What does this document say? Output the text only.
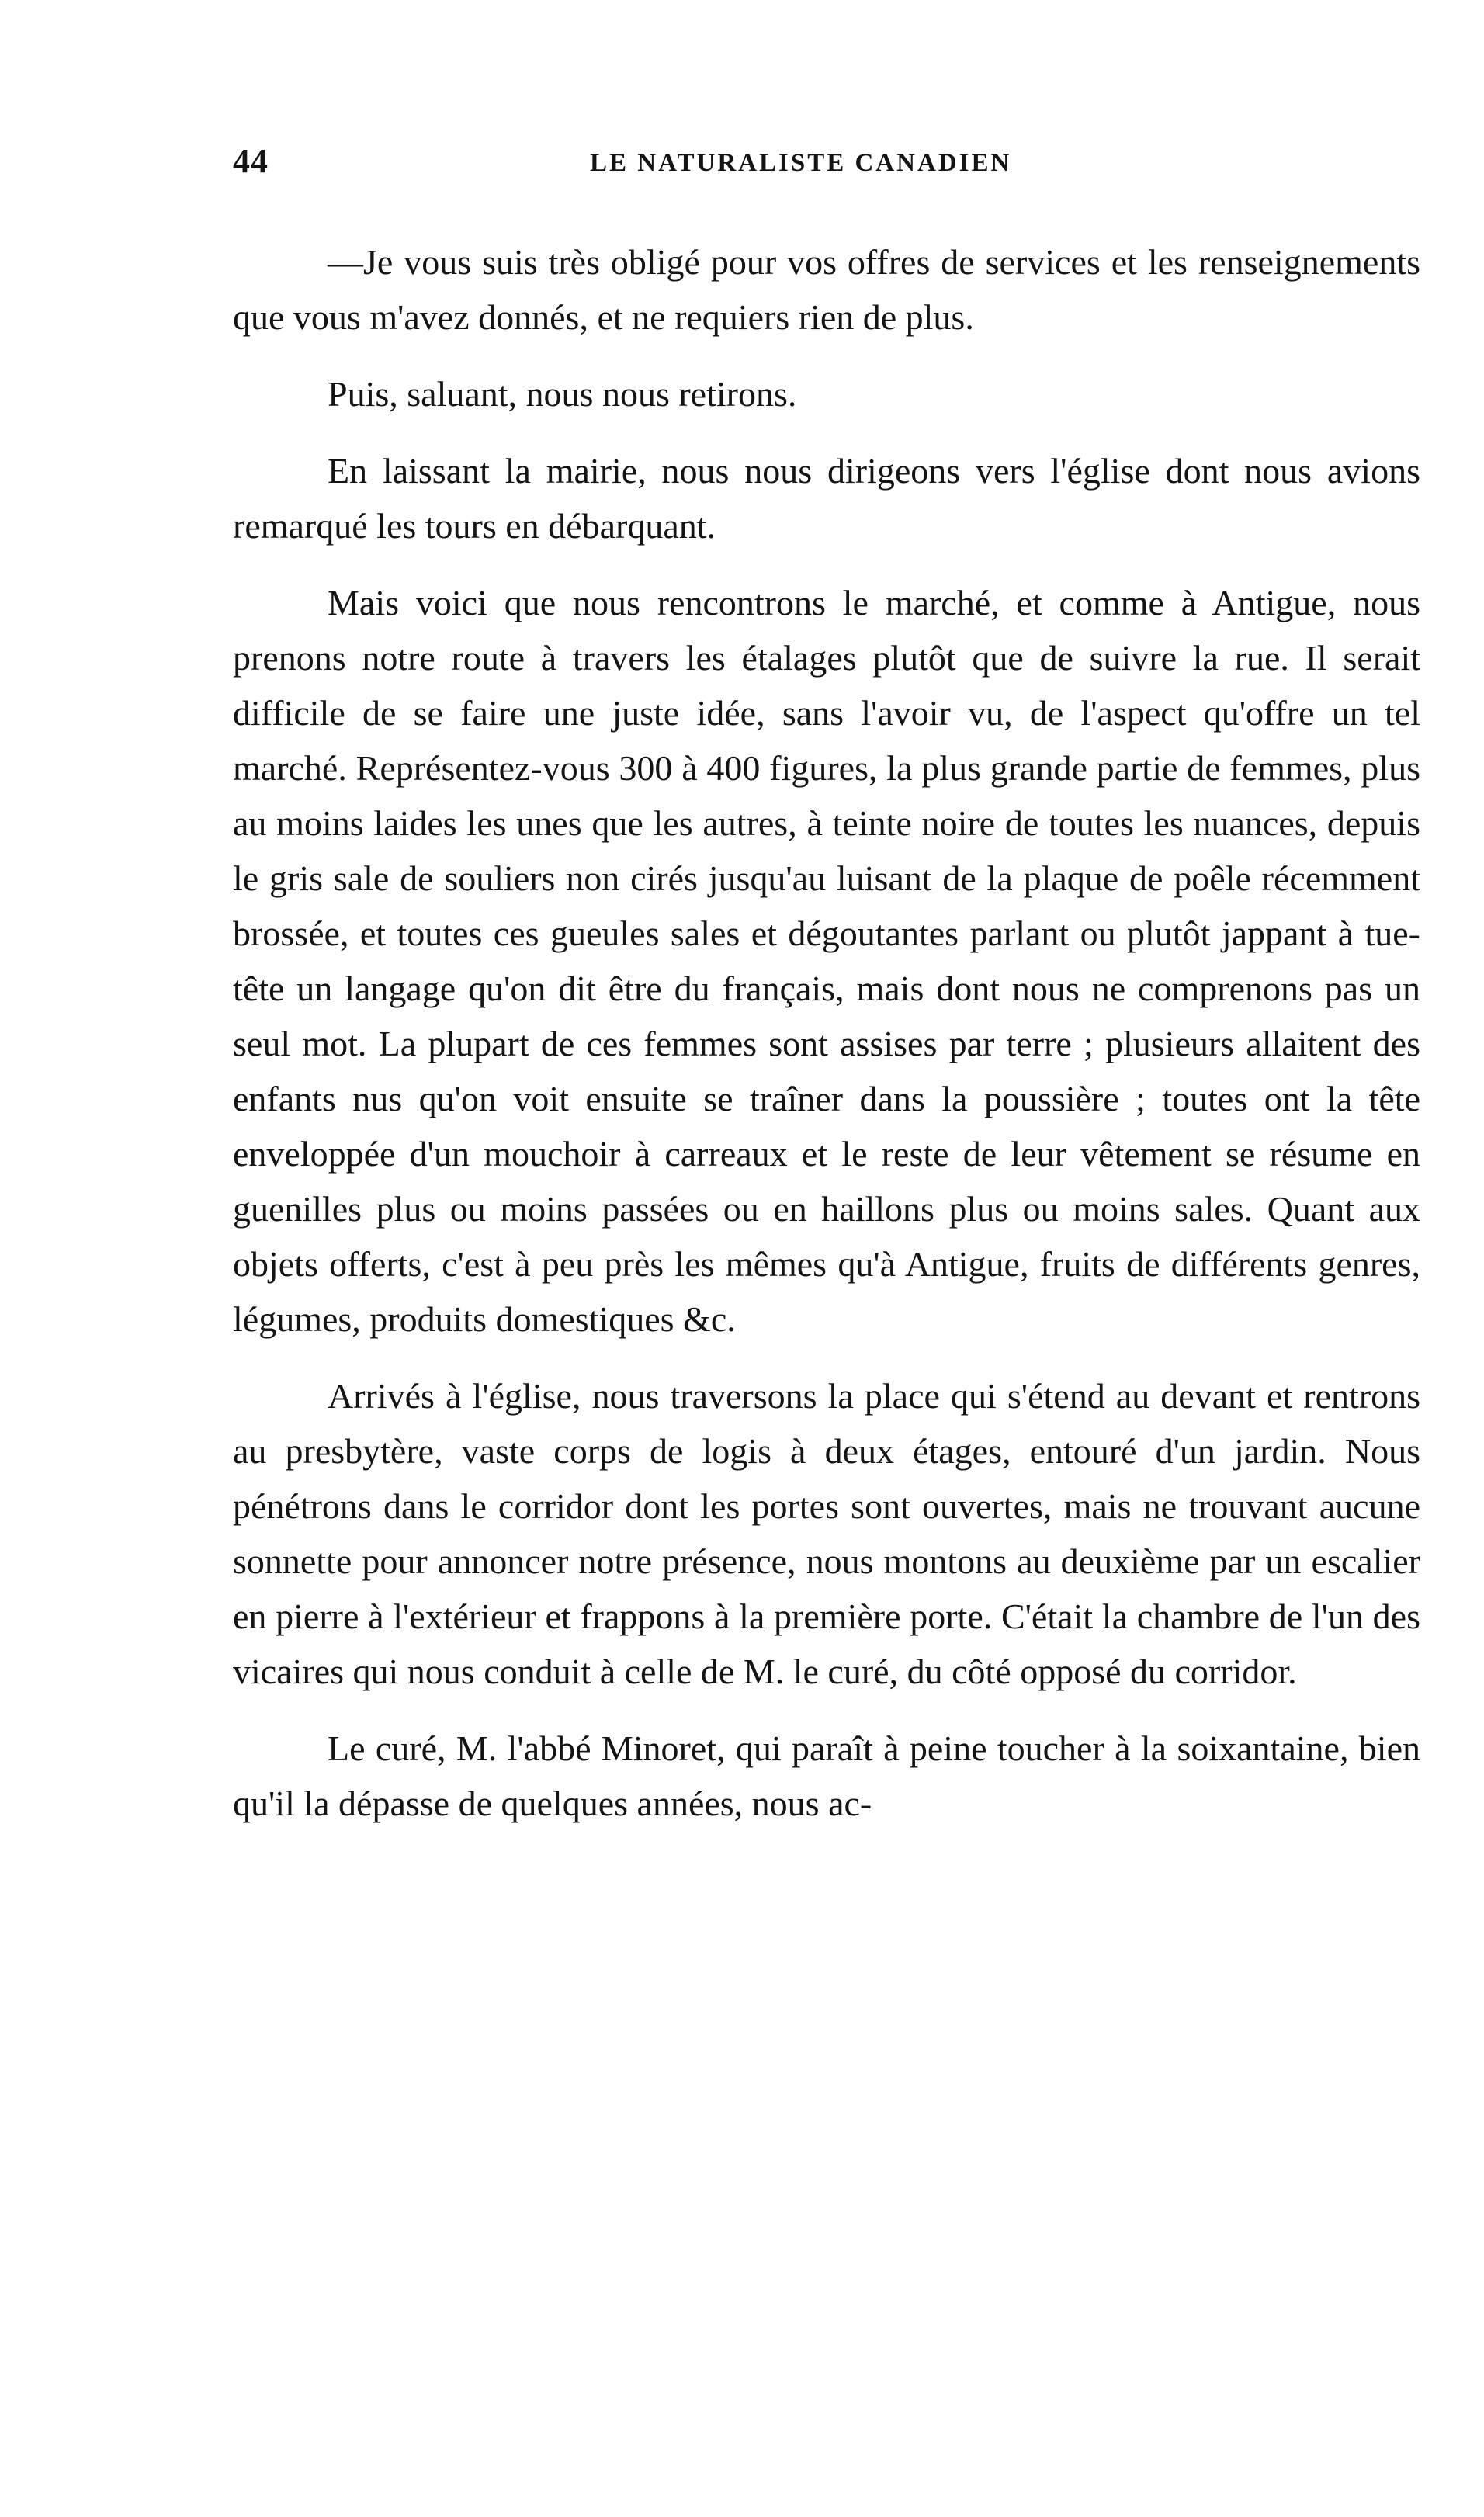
44	LE NATURALISTE CANADIEN

—Je vous suis très obligé pour vos offres de services et les renseignements que vous m'avez donnés, et ne requiers rien de plus.

Puis, saluant, nous nous retirons.

En laissant la mairie, nous nous dirigeons vers l'église dont nous avions remarqué les tours en débarquant.

Mais voici que nous rencontrons le marché, et comme à Antigue, nous prenons notre route à travers les étalages plutôt que de suivre la rue. Il serait difficile de se faire une juste idée, sans l'avoir vu, de l'aspect qu'offre un tel marché. Représentez-vous 300 à 400 figures, la plus grande partie de femmes, plus au moins laides les unes que les autres, à teinte noire de toutes les nuances, depuis le gris sale de souliers non cirés jusqu'au luisant de la plaque de poêle récemment brossée, et toutes ces gueules sales et dégoutantes parlant ou plutôt jappant à tue-tête un langage qu'on dit être du français, mais dont nous ne comprenons pas un seul mot. La plupart de ces femmes sont assises par terre ; plusieurs allaitent des enfants nus qu'on voit ensuite se traîner dans la poussière ; toutes ont la tête enveloppée d'un mouchoir à carreaux et le reste de leur vêtement se résume en guenilles plus ou moins passées ou en haillons plus ou moins sales. Quant aux objets offerts, c'est à peu près les mêmes qu'à Antigue, fruits de différents genres, légumes, produits domestiques &c.

Arrivés à l'église, nous traversons la place qui s'étend au devant et rentrons au presbytère, vaste corps de logis à deux étages, entouré d'un jardin. Nous pénétrons dans le corridor dont les portes sont ouvertes, mais ne trouvant aucune sonnette pour annoncer notre présence, nous montons au deuxième par un escalier en pierre à l'extérieur et frappons à la première porte. C'était la chambre de l'un des vicaires qui nous conduit à celle de M. le curé, du côté opposé du corridor.

Le curé, M. l'abbé Minoret, qui paraît à peine toucher à la soixantaine, bien qu'il la dépasse de quelques années, nous ac-
